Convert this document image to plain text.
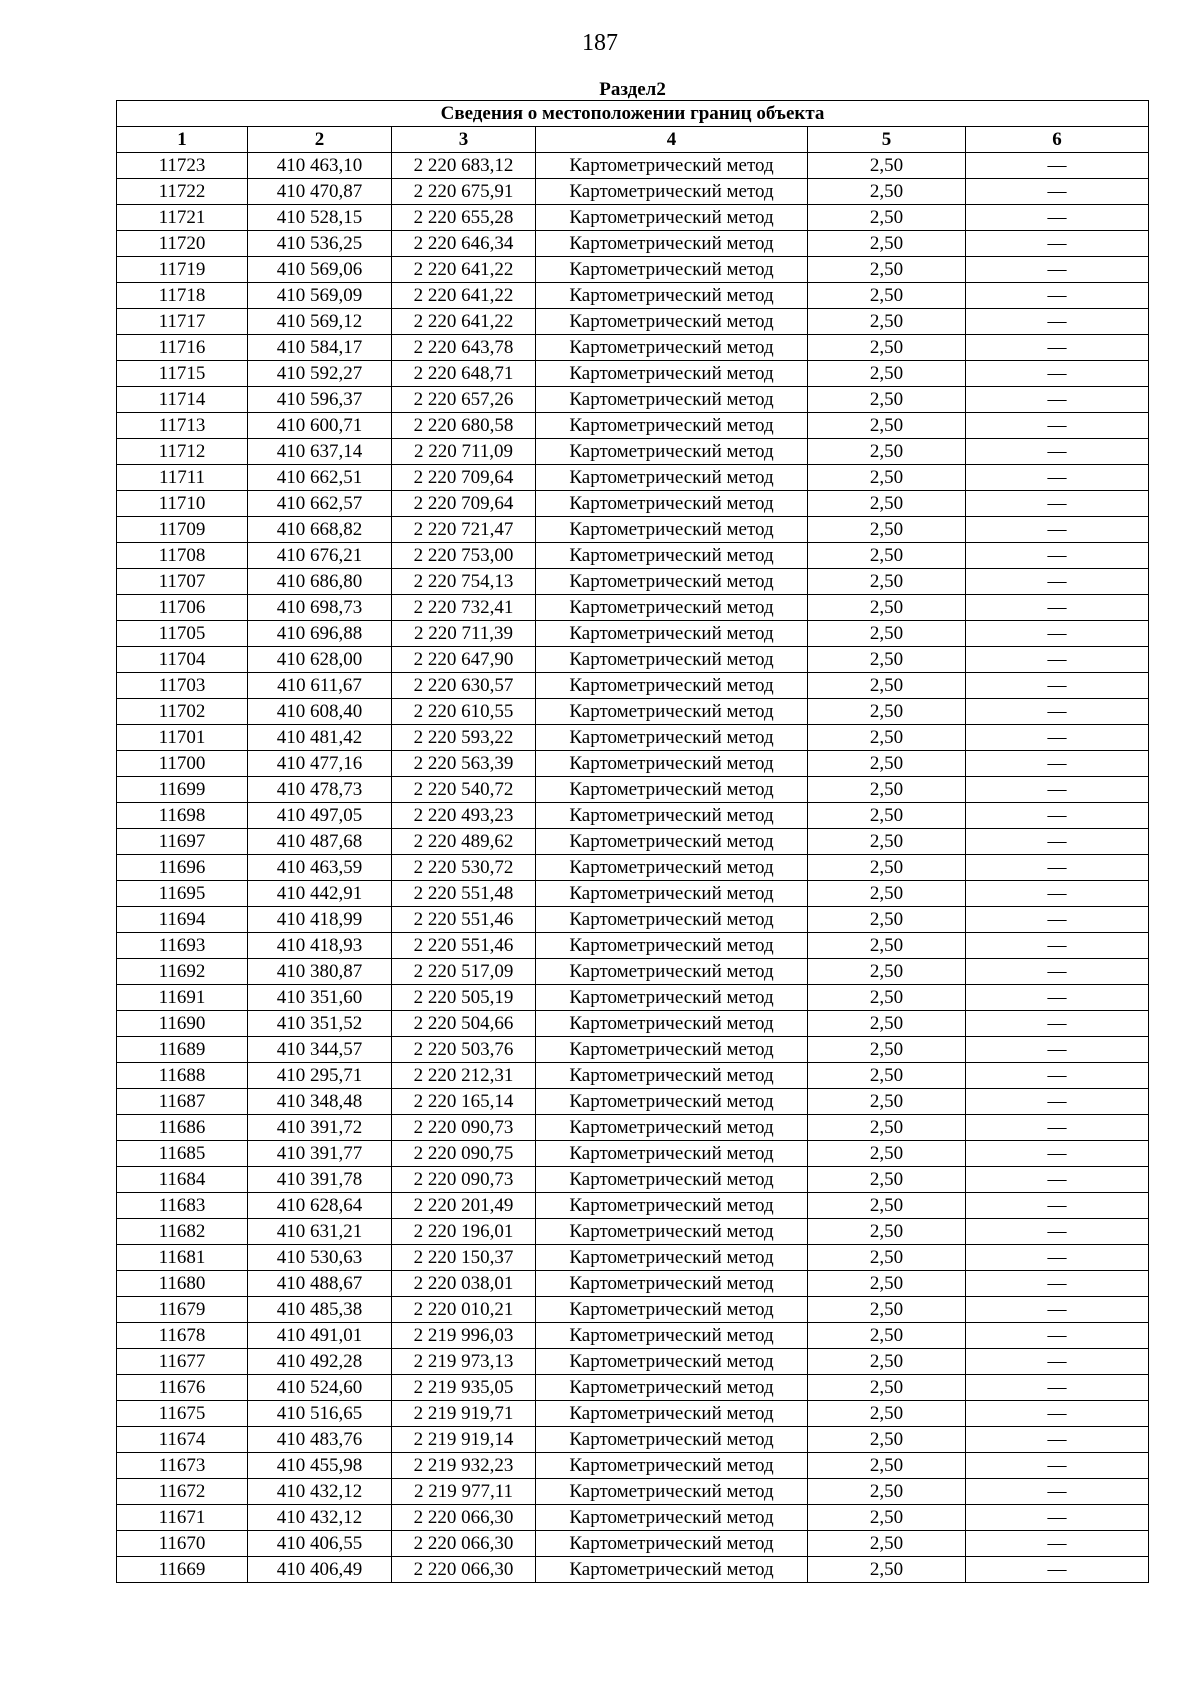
187
Раздел2					
Сведения о местоположении границ объекта					
1	2	3	4	5	6
11723	410 463,10	2 220 683,12	Картометрический метод	2,50	—
11722	410 470,87	2 220 675,91	Картометрический метод	2,50	—
11721	410 528,15	2 220 655,28	Картометрический метод	2,50	—
11720	410 536,25	2 220 646,34	Картометрический метод	2,50	—
11719	410 569,06	2 220 641,22	Картометрический метод	2,50	—
11718	410 569,09	2 220 641,22	Картометрический метод	2,50	—
11717	410 569,12	2 220 641,22	Картометрический метод	2,50	—
11716	410 584,17	2 220 643,78	Картометрический метод	2,50	—
11715	410 592,27	2 220 648,71	Картометрический метод	2,50	—
11714	410 596,37	2 220 657,26	Картометрический метод	2,50	—
11713	410 600,71	2 220 680,58	Картометрический метод	2,50	—
11712	410 637,14	2 220 711,09	Картометрический метод	2,50	—
11711	410 662,51	2 220 709,64	Картометрический метод	2,50	—
11710	410 662,57	2 220 709,64	Картометрический метод	2,50	—
11709	410 668,82	2 220 721,47	Картометрический метод	2,50	—
11708	410 676,21	2 220 753,00	Картометрический метод	2,50	—
11707	410 686,80	2 220 754,13	Картометрический метод	2,50	—
11706	410 698,73	2 220 732,41	Картометрический метод	2,50	—
11705	410 696,88	2 220 711,39	Картометрический метод	2,50	—
11704	410 628,00	2 220 647,90	Картометрический метод	2,50	—
11703	410 611,67	2 220 630,57	Картометрический метод	2,50	—
11702	410 608,40	2 220 610,55	Картометрический метод	2,50	—
11701	410 481,42	2 220 593,22	Картометрический метод	2,50	—
11700	410 477,16	2 220 563,39	Картометрический метод	2,50	—
11699	410 478,73	2 220 540,72	Картометрический метод	2,50	—
11698	410 497,05	2 220 493,23	Картометрический метод	2,50	—
11697	410 487,68	2 220 489,62	Картометрический метод	2,50	—
11696	410 463,59	2 220 530,72	Картометрический метод	2,50	—
11695	410 442,91	2 220 551,48	Картометрический метод	2,50	—
11694	410 418,99	2 220 551,46	Картометрический метод	2,50	—
11693	410 418,93	2 220 551,46	Картометрический метод	2,50	—
11692	410 380,87	2 220 517,09	Картометрический метод	2,50	—
11691	410 351,60	2 220 505,19	Картометрический метод	2,50	—
11690	410 351,52	2 220 504,66	Картометрический метод	2,50	—
11689	410 344,57	2 220 503,76	Картометрический метод	2,50	—
11688	410 295,71	2 220 212,31	Картометрический метод	2,50	—
11687	410 348,48	2 220 165,14	Картометрический метод	2,50	—
11686	410 391,72	2 220 090,73	Картометрический метод	2,50	—
11685	410 391,77	2 220 090,75	Картометрический метод	2,50	—
11684	410 391,78	2 220 090,73	Картометрический метод	2,50	—
11683	410 628,64	2 220 201,49	Картометрический метод	2,50	—
11682	410 631,21	2 220 196,01	Картометрический метод	2,50	—
11681	410 530,63	2 220 150,37	Картометрический метод	2,50	—
11680	410 488,67	2 220 038,01	Картометрический метод	2,50	—
11679	410 485,38	2 220 010,21	Картометрический метод	2,50	—
11678	410 491,01	2 219 996,03	Картометрический метод	2,50	—
11677	410 492,28	2 219 973,13	Картометрический метод	2,50	—
11676	410 524,60	2 219 935,05	Картометрический метод	2,50	—
11675	410 516,65	2 219 919,71	Картометрический метод	2,50	—
11674	410 483,76	2 219 919,14	Картометрический метод	2,50	—
11673	410 455,98	2 219 932,23	Картометрический метод	2,50	—
11672	410 432,12	2 219 977,11	Картометрический метод	2,50	—
11671	410 432,12	2 220 066,30	Картометрический метод	2,50	—
11670	410 406,55	2 220 066,30	Картометрический метод	2,50	—
11669	410 406,49	2 220 066,30	Картометрический метод	2,50	—
